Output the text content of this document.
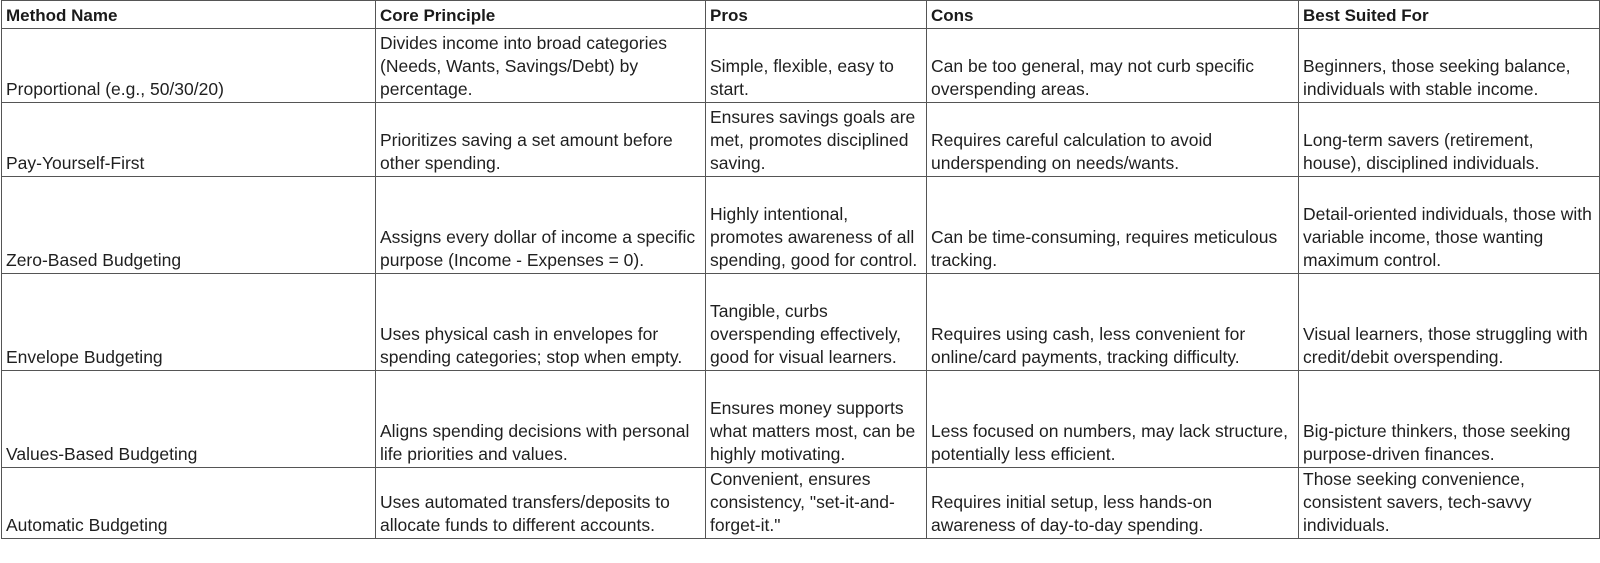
Method Name	Core Principle	Pros	Cons	Best Suited For
Proportional (e.g., 50/30/20)	Divides income into broad categories (Needs, Wants, Savings/Debt) by percentage.	Simple, flexible, easy to start.	Can be too general, may not curb specific overspending areas.	Beginners, those seeking balance, individuals with stable income.
Pay-Yourself-First	Prioritizes saving a set amount before other spending.	Ensures savings goals are met, promotes disciplined saving.	Requires careful calculation to avoid underspending on needs/wants.	Long-term savers (retirement, house), disciplined individuals.
Zero-Based Budgeting	Assigns every dollar of income a specific purpose (Income - Expenses = 0).	Highly intentional, promotes awareness of all spending, good for control.	Can be time-consuming, requires meticulous tracking.	Detail-oriented individuals, those with variable income, those wanting maximum control.
Envelope Budgeting	Uses physical cash in envelopes for spending categories; stop when empty.	Tangible, curbs overspending effectively, good for visual learners.	Requires using cash, less convenient for online/card payments, tracking difficulty.	Visual learners, those struggling with credit/debit overspending.
Values-Based Budgeting	Aligns spending decisions with personal life priorities and values.	Ensures money supports what matters most, can be highly motivating.	Less focused on numbers, may lack structure, potentially less efficient.	Big-picture thinkers, those seeking purpose-driven finances.
Automatic Budgeting	Uses automated transfers/deposits to allocate funds to different accounts.	Convenient, ensures consistency, "set-it-and-forget-it."	Requires initial setup, less hands-on awareness of day-to-day spending.	Those seeking convenience, consistent savers, tech-savvy individuals.
